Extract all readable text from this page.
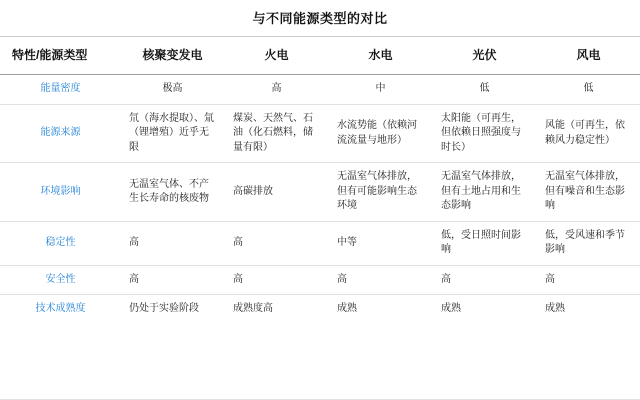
与不同能源类型的对比
特性/能源类型	核聚变发电	火电	水电	光伏	风电
能量密度	极高	高	中	低	低
能源来源	氘（海水提取）、氚（锂增殖）近乎无限	煤炭、天然气、石油（化石燃料，储量有限）	水流势能（依赖河流流量与地形）	太阳能（可再生，但依赖日照强度与时长）	风能（可再生，依赖风力稳定性）
环境影响	无温室气体、不产生长寿命的核废物	高碳排放	无温室气体排放，但有可能影响生态环境	无温室气体排放，但有土地占用和生态影响	无温室气体排放，但有噪音和生态影响
稳定性	高	高	中等	低，受日照时间影响	低，受风速和季节影响
安全性	高	高	高	高	高
技术成熟度	仍处于实验阶段	成熟度高	成熟	成熟	成熟
